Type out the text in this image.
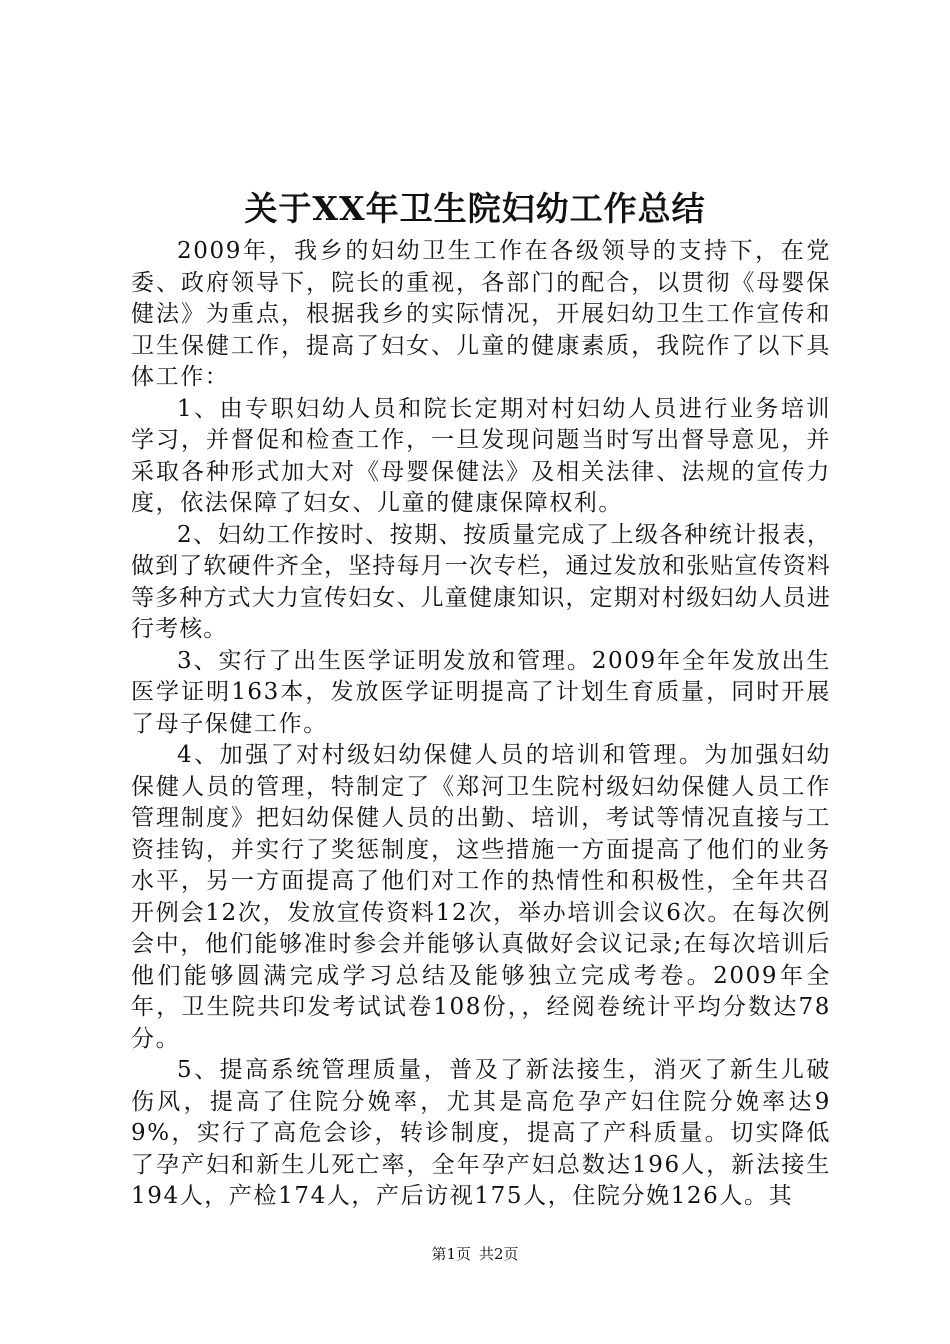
关于XX年卫生院妇幼工作总结

2009年，我乡的妇幼卫生工作在各级领导的支持下，在党委、政府领导下，院长的重视，各部门的配合，以贯彻《母婴保健法》为重点，根据我乡的实际情况，开展妇幼卫生工作宣传和卫生保健工作，提高了妇女、儿童的健康素质，我院作了以下具体工作：

1、由专职妇幼人员和院长定期对村妇幼人员进行业务培训学习，并督促和检查工作，一旦发现问题当时写出督导意见，并采取各种形式加大对《母婴保健法》及相关法律、法规的宣传力度，依法保障了妇女、儿童的健康保障权利。

2、妇幼工作按时、按期、按质量完成了上级各种统计报表，做到了软硬件齐全，坚持每月一次专栏，通过发放和张贴宣传资料等多种方式大力宣传妇女、儿童健康知识，定期对村级妇幼人员进行考核。

3、实行了出生医学证明发放和管理。2009年全年发放出生医学证明163本，发放医学证明提高了计划生育质量，同时开展了母子保健工作。

4、加强了对村级妇幼保健人员的培训和管理。为加强妇幼保健人员的管理，特制定了《郑河卫生院村级妇幼保健人员工作管理制度》把妇幼保健人员的出勤、培训，考试等情况直接与工资挂钩，并实行了奖惩制度，这些措施一方面提高了他们的业务水平，另一方面提高了他们对工作的热情性和积极性，全年共召开例会12次，发放宣传资料12次，举办培训会议6次。在每次例会中，他们能够准时参会并能够认真做好会议记录;在每次培训后他们能够圆满完成学习总结及能够独立完成考卷。2009年全年，卫生院共印发考试试卷108份，，经阅卷统计平均分数达78分。

5、提高系统管理质量，普及了新法接生，消灭了新生儿破伤风，提高了住院分娩率，尤其是高危孕产妇住院分娩率达99%，实行了高危会诊，转诊制度，提高了产科质量。切实降低了孕产妇和新生儿死亡率，全年孕产妇总数达196人，新法接生194人，产检174人，产后访视175人，住院分娩126人。其

第1页 共2页
